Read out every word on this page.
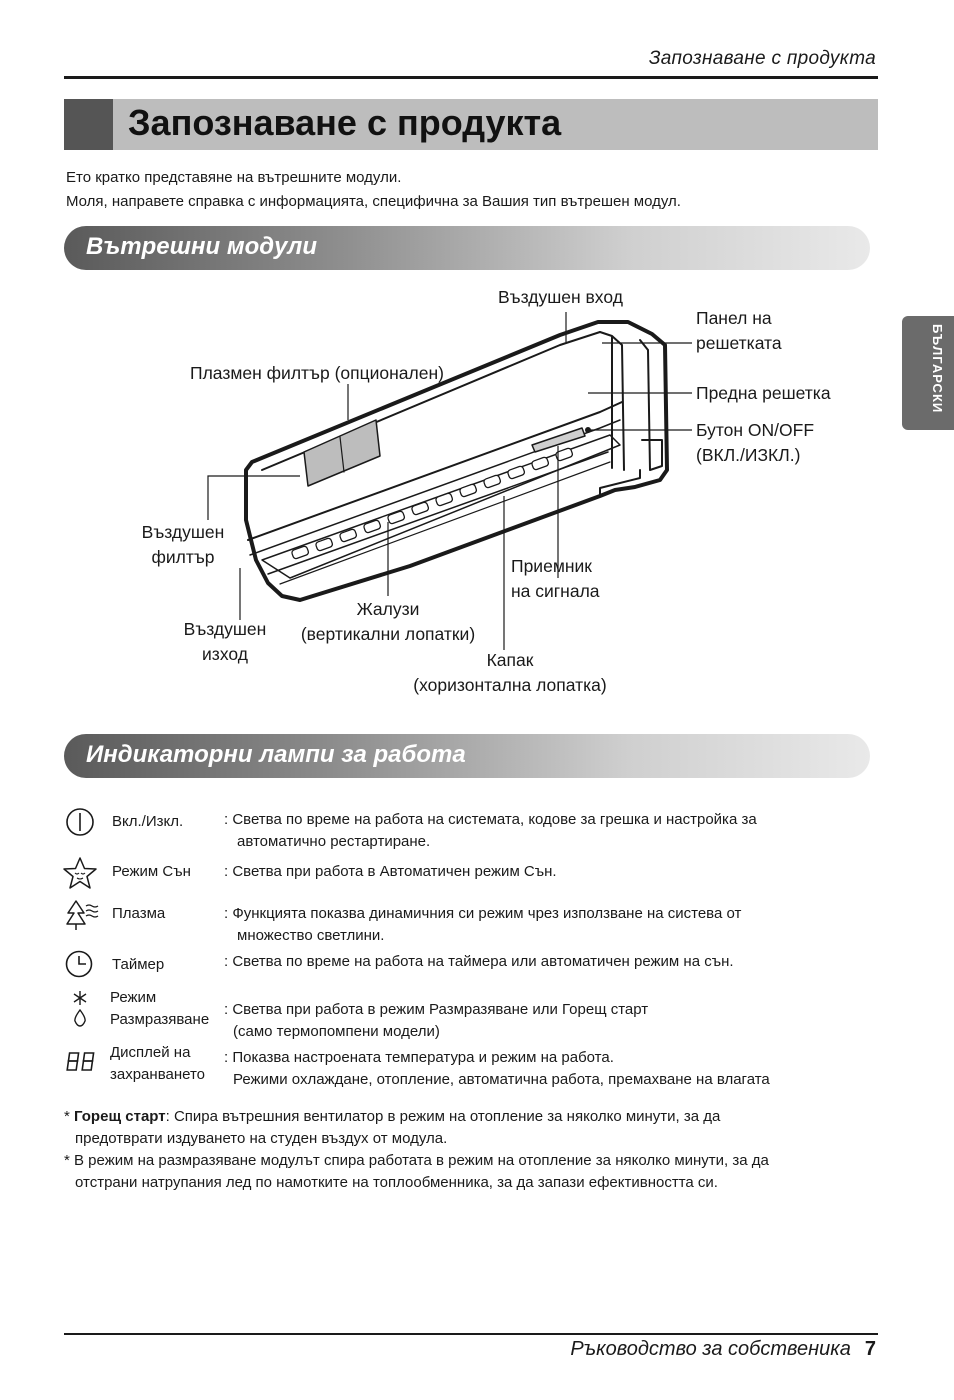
Запознаване с продукта
Запознаване с продукта
Ето кратко представяне на вътрешните модули.
Моля, направете справка с информацията, специфична за Вашия тип вътрешен модул.
БЪЛГАРСКИ
Вътрешни модули
Въздушен вход
Панел на
решетката
Плазмен филтър (опционален)
Предна решетка
Бутон ON/OFF
(ВКЛ./ИЗКЛ.)
Въздушен
филтър	Приемник
на сигнала
Жалузи
(вертикални лопатки)
Въздушен
изход	Капак
(хоризонтална лопатка)
Индикаторни лампи за работа
Вкл./Изкл.	: Светва по време на работа на системата, кодове за грешка и настройка за
автоматично рестартиране.
Режим Сън : Светва при работа в Автоматичен режим Сън.
Плазма	: Функцията показва динамичния си режим чрез използване на систева от
множество светлини.
Таймер	: Светва по време на работа на таймера или автоматичен режим на сън.
Режим
Размразяване
: Светва при работа в режим Размразяване или Горещ старт
(само термопомпени модели)
Дисплей на
захранването
: Показва настроената температура и режим на работа.
Режими охлаждане, отопление, автоматична работа, премахване на влагата
* Горещ старт: Спира вътрешния вентилатор в режим на отопление за няколко минути, за да
предотврати издуването на студен въздух от модула.
* В режим на размразяване модулът спира работата в режим на отопление за няколко минути, за да
отстрани натрупания лед по намотките на топлообменника, за да запази ефективността си.
Ръководство за собственика 7
